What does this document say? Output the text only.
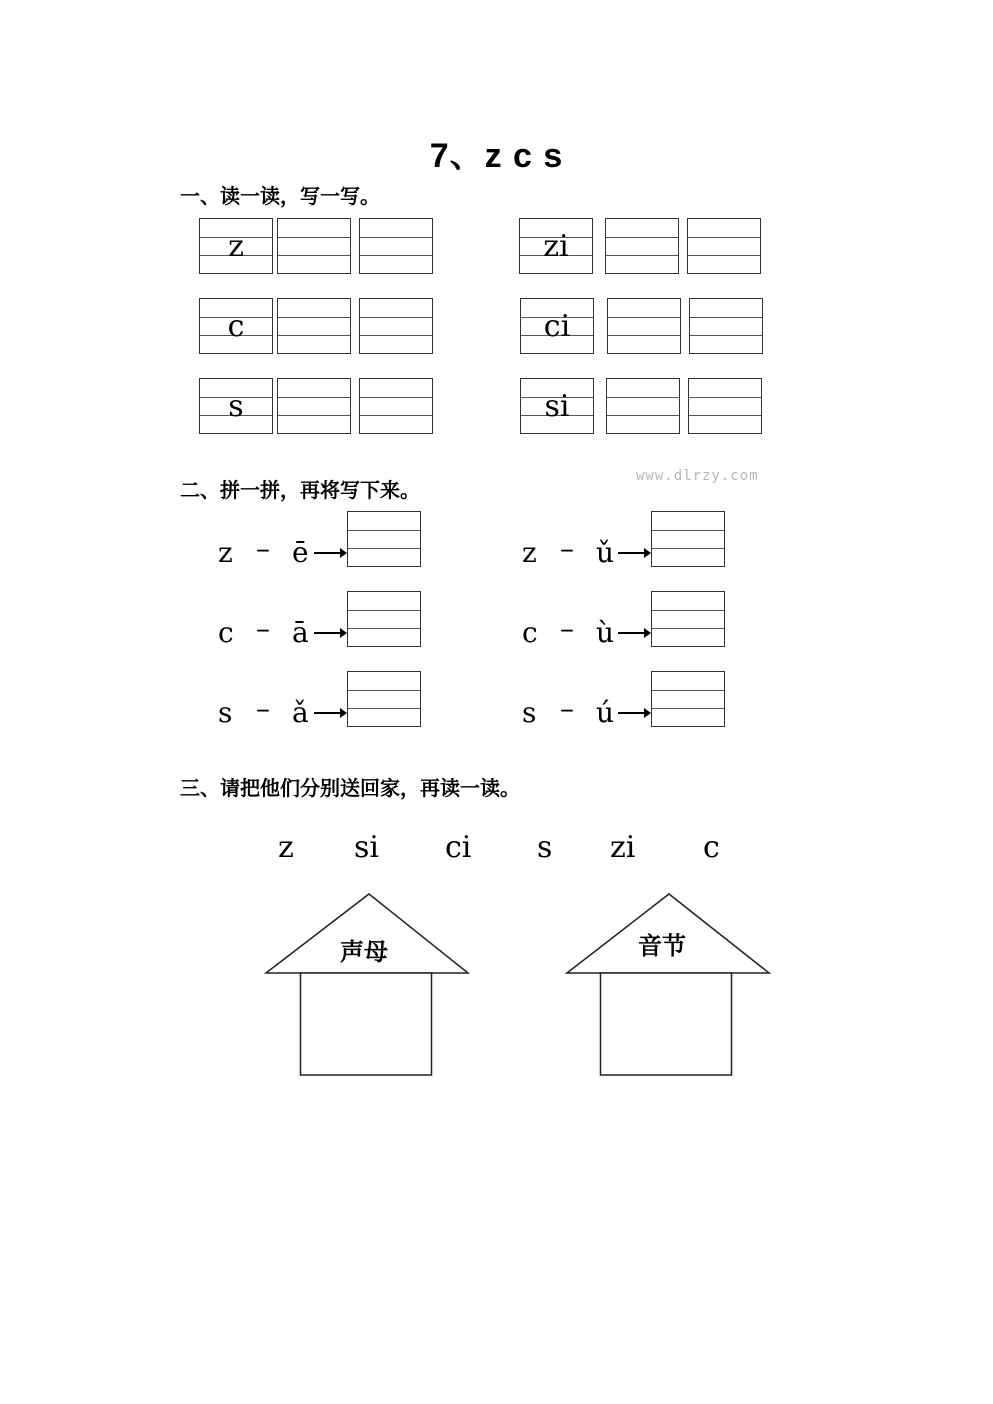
7、z c s
一、读一读，写一写。
z
c
s
zi
ci
si
二、拼一拼，再将写下来。
www.dlrzy.com
z – ē
c – ā
s – ǎ
z – ǔ
c – ù
s – ú
三、请把他们分别送回家，再读一读。
z si ci s zi c
声母	音节
